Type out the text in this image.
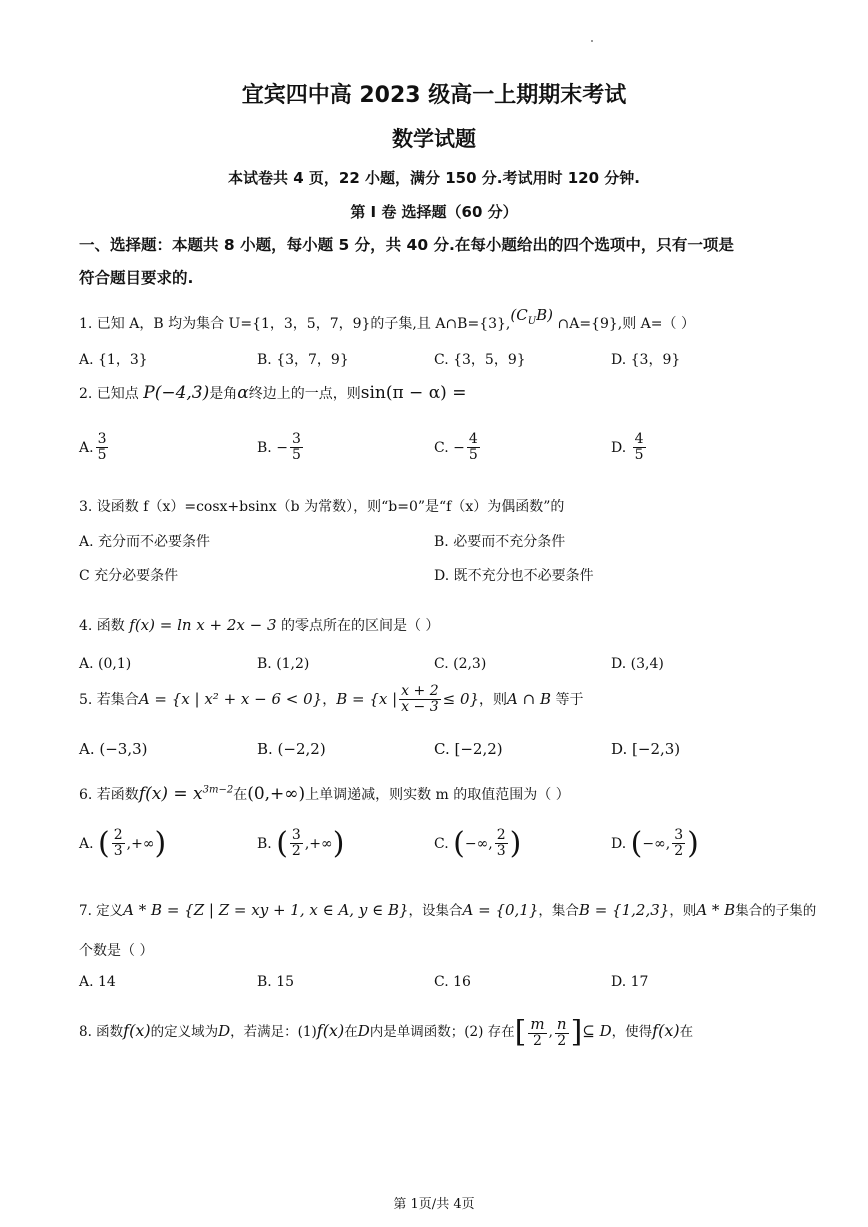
宜宾四中高 2023 级高一上期期末考试
数学试题
本试卷共 4 页，22 小题，满分 150 分.考试用时 120 分钟.
第 I 卷 选择题（60 分）
一、选择题：本题共 8 小题，每小题 5 分，共 40 分.在每小题给出的四个选项中，只有一项是
符合题目要求的.
1. 已知 A，B 均为集合 U={1，3，5，7，9}的子集,且 $A\cap B=\{3\},(C_UB)$ ∩A={9},则 A=（ ）
A. {1，3}	B. {3，7，9}	C. {3，5，9}	D. {3，9}
2. 已知点 P(−4,3)是角α终边上的一点，则sin(π − α) =
A. $\frac{3}{5}$	B. − $\frac{3}{5}$	C. − $\frac{4}{5}$	D. $\frac{4}{5}$
3. 设函数 f（x）=cosx+bsinx（b 为常数），则“b=0”是“f（x）为偶函数”的
A. 充分而不必要条件	B. 必要而不充分条件
C 充分必要条件	D. 既不充分也不必要条件
4. 函数 f(x) = ln x + 2x − 3 的零点所在的区间是（ ）
A. (0,1)	B. (1,2)	C. (2,3)	D. (3,4)
5. 若集合A = {x | x² + x − 6 < 0}，B = {x | $\frac{x + 2}{x - 3} \le 0$}，则A ∩ B 等于
A. (−3,3)	B. (−2,2)	C. [−2,2)	D. [−2,3)
6. 若函数$f(x) = x^{3m-2}$在(0,+∞)上单调递减，则实数 m 的取值范围为（ ）
A. ( $\frac{2}{3}$ ,+∞)	B. ( $\frac{3}{2}$ ,+∞)	C. (−∞, $\frac{2}{3}$ )	D. (−∞, $\frac{3}{2}$ )
7. 定义A * B = {Z | Z = xy + 1, x ∈ A, y ∈ B}，设集合A = {0,1}，集合B = {1,2,3}，则A * B集合的子集的
个数是（ ）
A. 14	B. 15	C. 16	D. 17
8. 函数f(x)的定义域为D，若满足：(1)f(x)在D内是单调函数；(2) 存在[ $\frac{m}{2}$ , $\frac{n}{2}$ ]⊆ D，使得f(x)在
第 1页/共 4页
